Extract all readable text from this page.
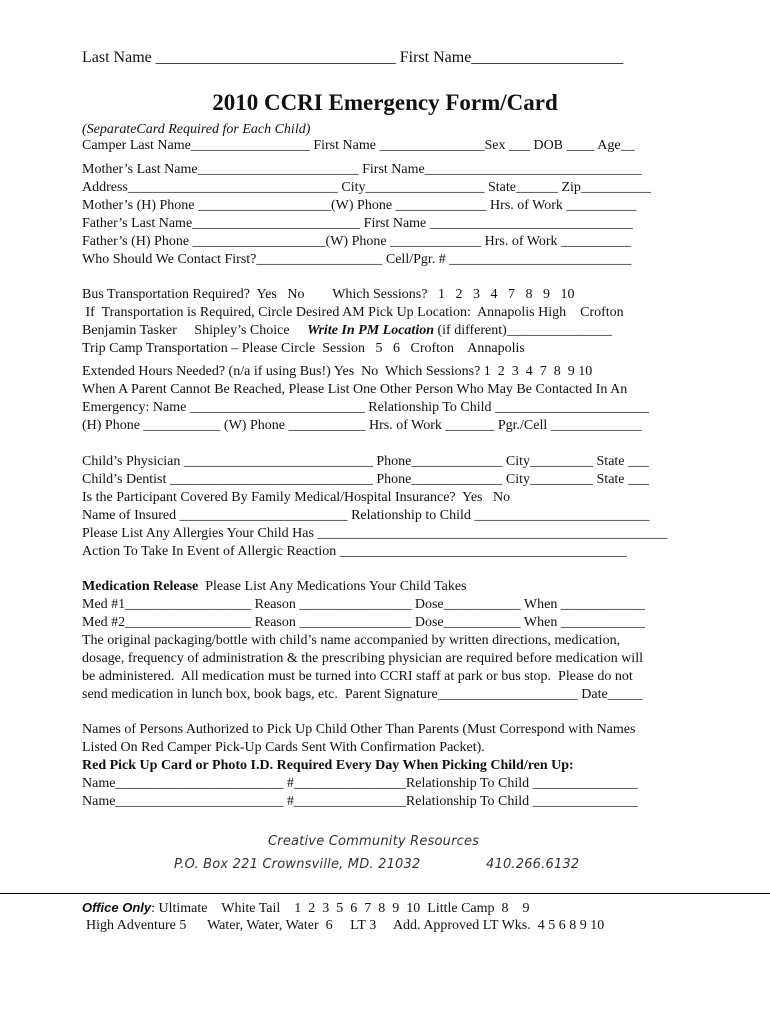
Last Name ______________________________ First Name___________________
2010 CCRI Emergency Form/Card
(SeparateCard Required for Each Child)
Camper Last Name_________________ First Name _______________Sex ___ DOB ____ Age__
Mother’s Last Name_______________________ First Name_______________________________
Address______________________________ City_________________ State______ Zip__________
Mother’s (H) Phone ___________________(W) Phone _____________ Hrs. of Work __________
Father’s Last Name________________________ First Name _____________________________
Father’s (H) Phone ___________________(W) Phone _____________ Hrs. of Work __________
Who Should We Contact First?__________________ Cell/Pgr. # __________________________
Bus Transportation Required?  Yes   No        Which Sessions?   1   2   3   4   7   8   9   10
If  Transportation is Required, Circle Desired AM Pick Up Location:  Annapolis High    Crofton
Benjamin Tasker     Shipley’s Choice     Write In PM Location (if different)_______________
Trip Camp Transportation – Please Circle  Session   5   6   Crofton    Annapolis
Extended Hours Needed? (n/a if using Bus!) Yes  No  Which Sessions? 1  2  3  4  7  8  9 10
When A Parent Cannot Be Reached, Please List One Other Person Who May Be Contacted In An
Emergency: Name _________________________ Relationship To Child ______________________
(H) Phone ___________ (W) Phone ___________ Hrs. of Work _______ Pgr./Cell _____________
Child’s Physician ___________________________ Phone_____________ City_________ State ___
Child’s Dentist _____________________________ Phone_____________ City_________ State ___
Is the Participant Covered By Family Medical/Hospital Insurance?  Yes   No
Name of Insured ________________________ Relationship to Child _________________________
Please List Any Allergies Your Child Has __________________________________________________
Action To Take In Event of Allergic Reaction _________________________________________
Medication Release  Please List Any Medications Your Child Takes
Med #1__________________ Reason ________________ Dose___________ When ____________
Med #2__________________ Reason ________________ Dose___________ When ____________
The original packaging/bottle with child’s name accompanied by written directions, medication,
dosage, frequency of administration & the prescribing physician are required before medication will
be administered.  All medication must be turned into CCRI staff at park or bus stop.  Please do not
send medication in lunch box, book bags, etc.  Parent Signature____________________ Date_____
Names of Persons Authorized to Pick Up Child Other Than Parents (Must Correspond with Names
Listed On Red Camper Pick-Up Cards Sent With Confirmation Packet).
Red Pick Up Card or Photo I.D. Required Every Day When Picking Child/ren Up:
Name________________________ #________________Relationship To Child _______________
Name________________________ #________________Relationship To Child _______________
Creative Community Resources
P.O. Box 221 Crownsville, MD. 21032	410.266.6132
Office Only: Ultimate    White Tail    1  2  3  5  6  7  8  9  10  Little Camp  8    9
High Adventure 5      Water, Water, Water  6     LT 3     Add. Approved LT Wks.  4 5 6 8 9 10
